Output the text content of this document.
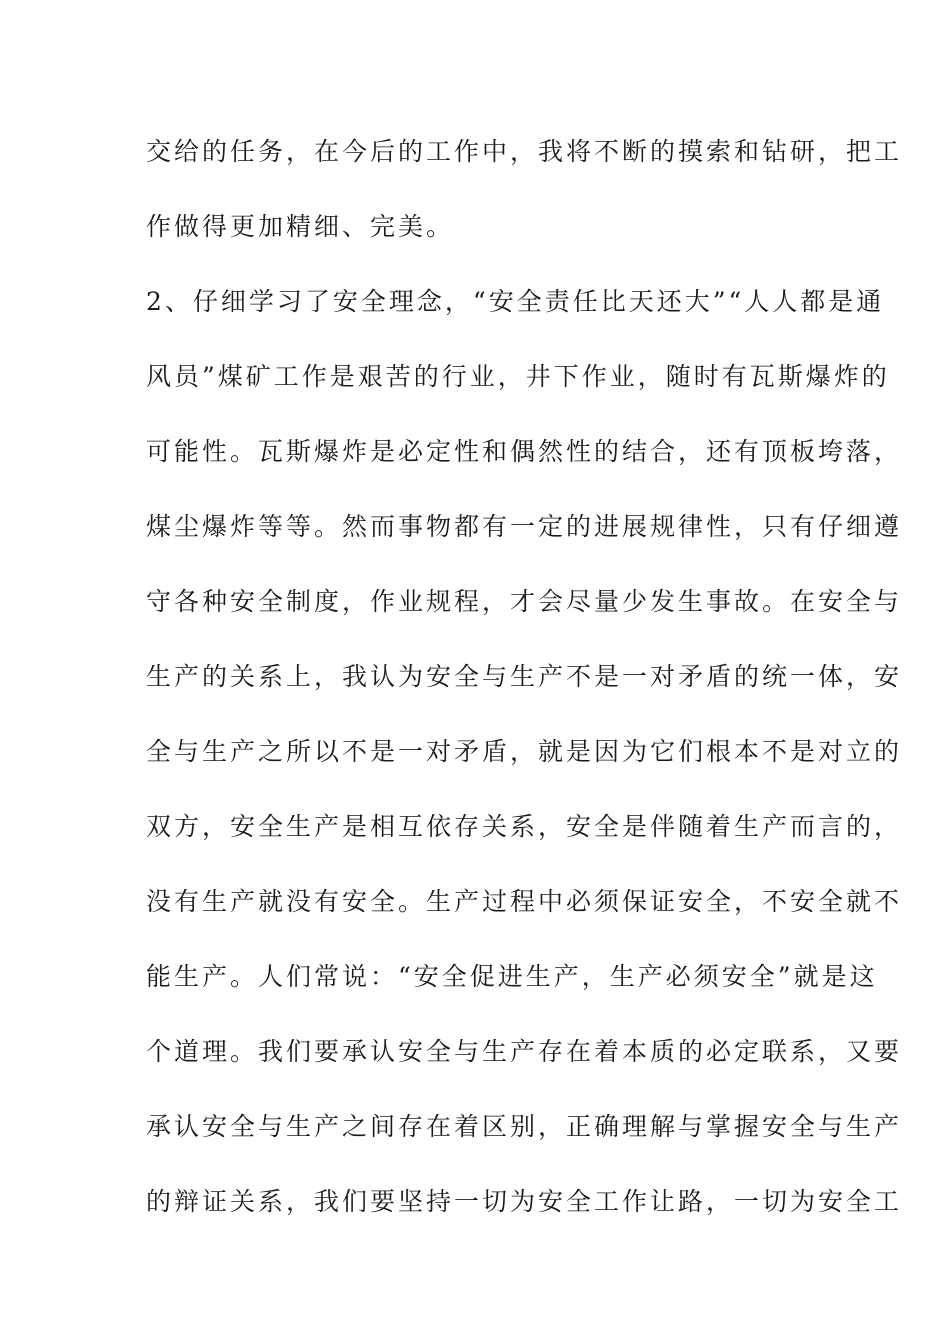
交给的任务，在今后的工作中，我将不断的摸索和钻研，把工
作做得更加精细、完美。
2、仔细学习了安全理念，“安全责任比天还大”“人人都是通
风员”煤矿工作是艰苦的行业，井下作业，随时有瓦斯爆炸的
可能性。瓦斯爆炸是必定性和偶然性的结合，还有顶板垮落，
煤尘爆炸等等。然而事物都有一定的进展规律性，只有仔细遵
守各种安全制度，作业规程，才会尽量少发生事故。在安全与
生产的关系上，我认为安全与生产不是一对矛盾的统一体，安
全与生产之所以不是一对矛盾，就是因为它们根本不是对立的
双方，安全生产是相互依存关系，安全是伴随着生产而言的，
没有生产就没有安全。生产过程中必须保证安全，不安全就不
能生产。人们常说：“安全促进生产，生产必须安全”就是这
个道理。我们要承认安全与生产存在着本质的必定联系，又要
承认安全与生产之间存在着区别，正确理解与掌握安全与生产
的辩证关系，我们要坚持一切为安全工作让路，一切为安全工
